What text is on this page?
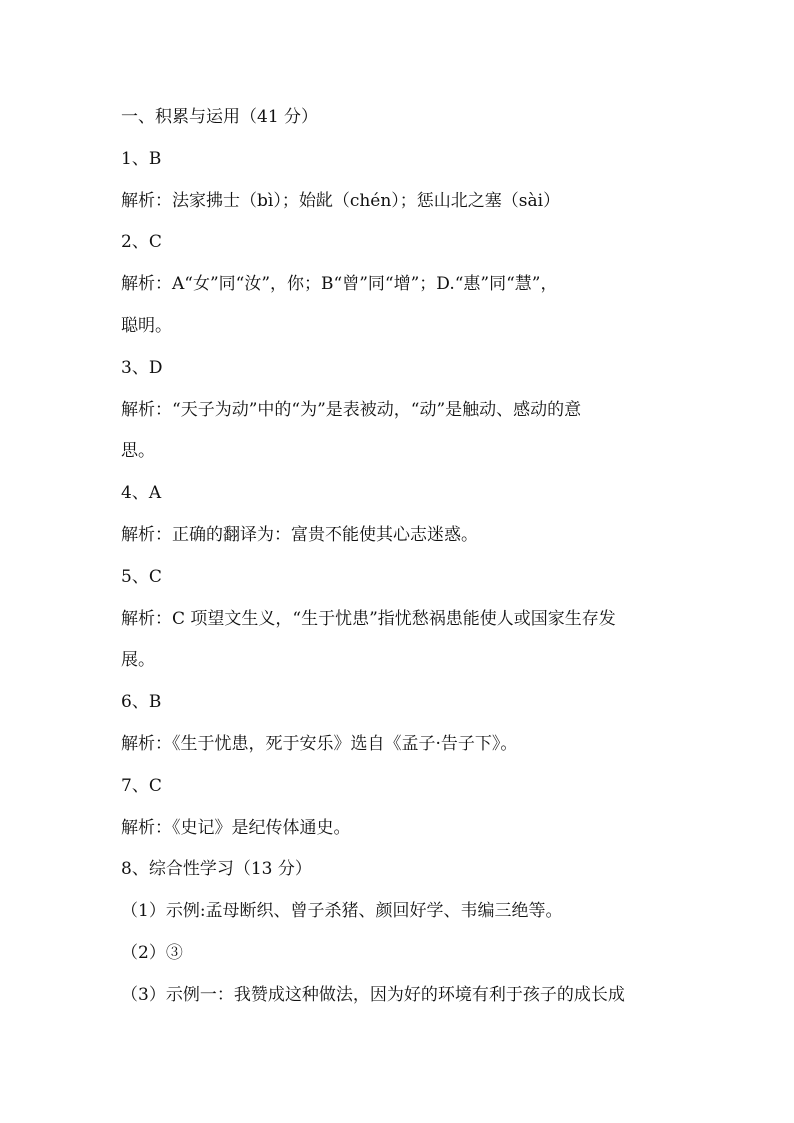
一、积累与运用（41 分）
1、B
解析：法家拂士（bì）；始龀（chén）；惩山北之塞（sài）
2、C
解析：A“女”同“汝”，你；B“曾”同“增”；D.“惠”同“慧”，
聪明。
3、D
解析：“天子为动”中的“为”是表被动，“动”是触动、感动的意
思。
4、A
解析：正确的翻译为：富贵不能使其心志迷惑。
5、C
解析：C 项望文生义，“生于忧患”指忧愁祸患能使人或国家生存发
展。
6、B
解析：《生于忧患，死于安乐》选自《孟子·告子下》。
7、C
解析：《史记》是纪传体通史。
8、综合性学习（13 分）
（1）示例:孟母断织、曾子杀猪、颜回好学、韦编三绝等。
（2）③
（3）示例一：我赞成这种做法，因为好的环境有利于孩子的成长成
